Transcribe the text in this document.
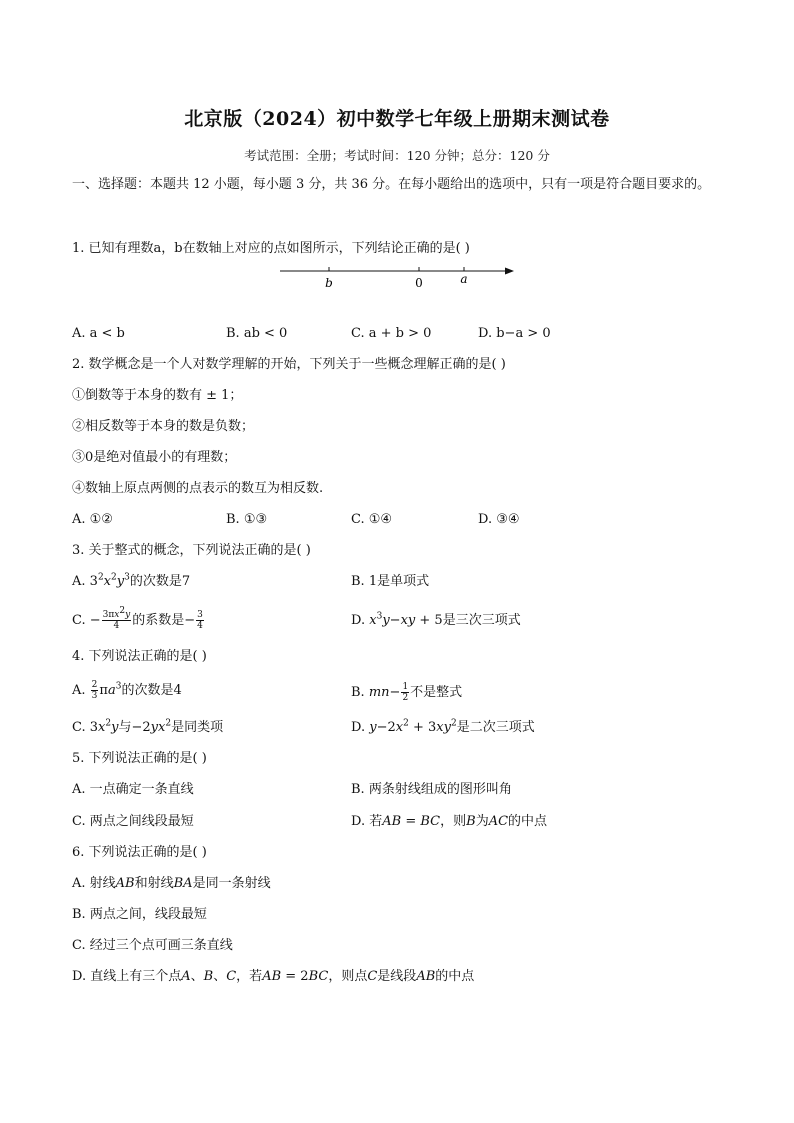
北京版（2024）初中数学七年级上册期末测试卷
考试范围：全册；考试时间：120 分钟；总分：120 分
一、选择题：本题共 12 小题，每小题 3 分，共 36 分。在每小题给出的选项中，只有一项是符合题目要求的。
1. 已知有理数a，b在数轴上对应的点如图所示，下列结论正确的是( )
b	0	a
A. a < b	B. ab < 0	C. a + b > 0	D. b−a > 0
2. 数学概念是一个人对数学理解的开始，下列关于一些概念理解正确的是( )
①倒数等于本身的数有 ± 1；
②相反数等于本身的数是负数；
③0是绝对值最小的有理数；
④数轴上原点两侧的点表示的数互为相反数.
A. ①②	B. ①③	C. ①④	D. ③④
3. 关于整式的概念，下列说法正确的是( )
A. $3^2x^2y^3$的次数是7	B. 1是单项式
C. − $\frac{3\pi x^2y}{4}$ 的系数是− $\frac{3}{4}$	D. $x^3y-xy + 5$是三次三项式
4. 下列说法正确的是( )
A. $\frac{2}{3} \pi a^3$的次数是4	B. $mn- \frac{1}{2}$ 不是整式
C. $3x^2y$与$-2yx^2$是同类项	D. $y-2x^2 + 3xy^2$是二次三项式
5. 下列说法正确的是( )
A. 一点确定一条直线	B. 两条射线组成的图形叫角
C. 两点之间线段最短	D. 若AB = BC，则B为AC的中点
6. 下列说法正确的是( )
A. 射线AB和射线BA是同一条射线
B. 两点之间，线段最短
C. 经过三个点可画三条直线
D. 直线上有三个点A、B、C，若AB = 2BC，则点C是线段AB的中点
